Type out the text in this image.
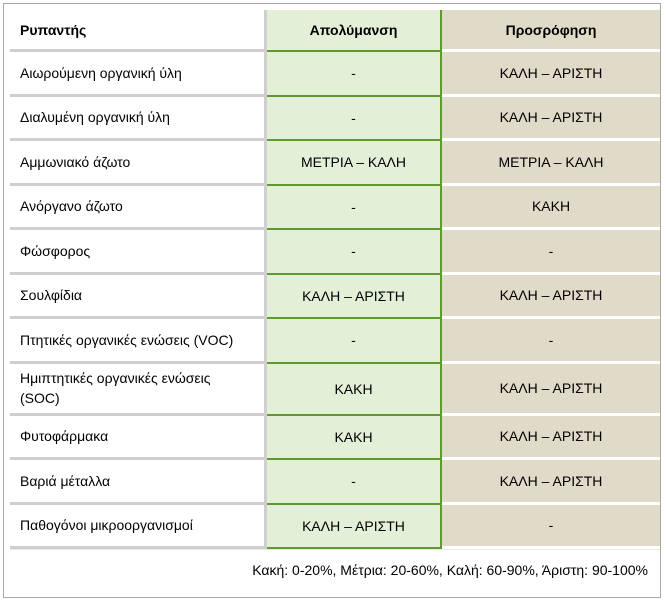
Ρυπαντής	Απολύμανση	Προσρόφηση
Αιωρούμενη οργανική ύλη	-	ΚΑΛΗ – ΑΡΙΣΤΗ
Διαλυμένη οργανική ύλη	-	ΚΑΛΗ – ΑΡΙΣΤΗ
Αμμωνιακό άζωτο	ΜΕΤΡΙΑ – ΚΑΛΗ	ΜΕΤΡΙΑ – ΚΑΛΗ
Ανόργανο άζωτο	-	ΚΑΚΗ
Φώσφορος	-	-
Σουλφίδια	ΚΑΛΗ – ΑΡΙΣΤΗ	ΚΑΛΗ – ΑΡΙΣΤΗ
Πτητικές οργανικές ενώσεις (VOC)	-	-
Ημιπτητικές οργανικές ενώσεις (SOC)	ΚΑΚΗ	ΚΑΛΗ – ΑΡΙΣΤΗ
Φυτοφάρμακα	ΚΑΚΗ	ΚΑΛΗ – ΑΡΙΣΤΗ
Βαριά μέταλλα	-	ΚΑΛΗ – ΑΡΙΣΤΗ
Παθογόνοι μικροοργανισμοί	ΚΑΛΗ – ΑΡΙΣΤΗ	-
Κακή: 0-20%, Μέτρια: 20-60%, Καλή: 60-90%, Άριστη: 90-100%		
